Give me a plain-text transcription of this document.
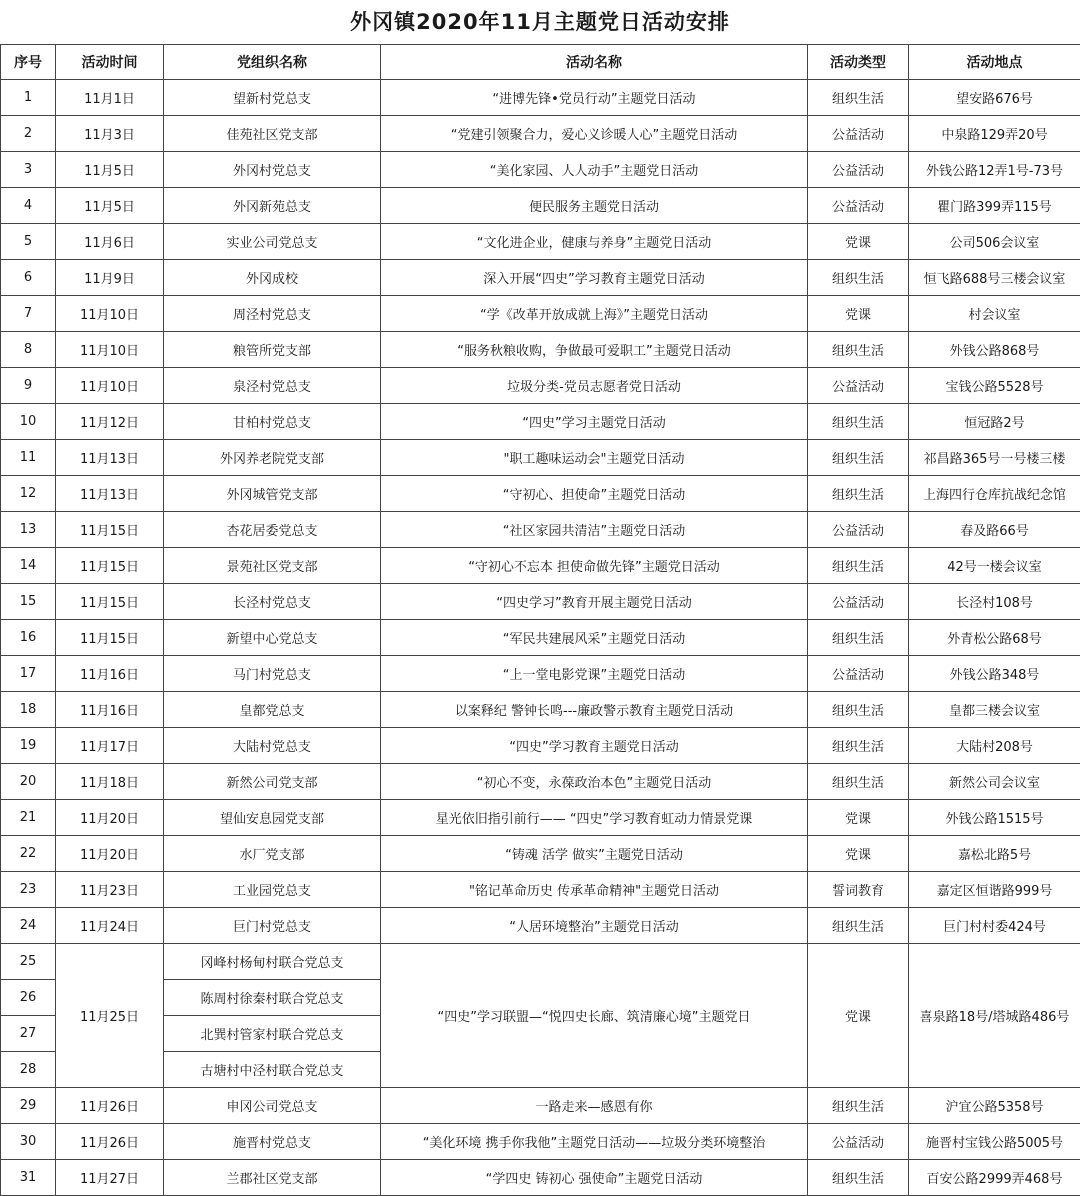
外冈镇2020年11月主题党日活动安排
序号	活动时间	党组织名称	活动名称	活动类型	活动地点
1	11月1日	望新村党总支	“进博先锋•党员行动”主题党日活动	组织生活	望安路676号
2	11月3日	佳苑社区党支部	“党建引领聚合力，爱心义诊暖人心”主题党日活动	公益活动	中泉路129弄20号
3	11月5日	外冈村党总支	“美化家园、人人动手”主题党日活动	公益活动	外钱公路12弄1号-73号
4	11月5日	外冈新苑总支	便民服务主题党日活动	公益活动	瞿门路399弄115号
5	11月6日	实业公司党总支	“文化进企业，健康与养身”主题党日活动	党课	公司506会议室
6	11月9日	外冈成校	深入开展“四史”学习教育主题党日活动	组织生活	恒飞路688号三楼会议室
7	11月10日	周泾村党总支	“学《改革开放成就上海》”主题党日活动	党课	村会议室
8	11月10日	粮管所党支部	“服务秋粮收购，争做最可爱职工”主题党日活动	组织生活	外钱公路868号
9	11月10日	泉泾村党总支	垃圾分类-党员志愿者党日活动	公益活动	宝钱公路5528号
10	11月12日	甘柏村党总支	“四史”学习主题党日活动	组织生活	恒冠路2号
11	11月13日	外冈养老院党支部	"职工趣味运动会"主题党日活动	组织生活	祁昌路365号一号楼三楼
12	11月13日	外冈城管党支部	“守初心、担使命”主题党日活动	组织生活	上海四行仓库抗战纪念馆
13	11月15日	杏花居委党总支	“社区家园共清洁”主题党日活动	公益活动	春及路66号
14	11月15日	景苑社区党支部	“守初心不忘本 担使命做先锋”主题党日活动	组织生活	42号一楼会议室
15	11月15日	长泾村党总支	“四史学习”教育开展主题党日活动	公益活动	长泾村108号
16	11月15日	新望中心党总支	“军民共建展风采”主题党日活动	组织生活	外青松公路68号
17	11月16日	马门村党总支	“上一堂电影党课”主题党日活动	公益活动	外钱公路348号
18	11月16日	皇都党总支	以案释纪 警钟长鸣---廉政警示教育主题党日活动	组织生活	皇都三楼会议室
19	11月17日	大陆村党总支	“四史”学习教育主题党日活动	组织生活	大陆村208号
20	11月18日	新然公司党支部	“初心不变，永葆政治本色”主题党日活动	组织生活	新然公司会议室
21	11月20日	望仙安息园党支部	星光依旧指引前行—— “四史”学习教育虹动力情景党课	党课	外钱公路1515号
22	11月20日	水厂党支部	“铸魂 活学 做实”主题党日活动	党课	嘉松北路5号
23	11月23日	工业园党总支	"铭记革命历史 传承革命精神"主题党日活动	誓词教育	嘉定区恒谐路999号
24	11月24日	巨门村党总支	“人居环境整治”主题党日活动	组织生活	巨门村村委424号
25	11月25日	冈峰村杨甸村联合党总支	“四史”学习联盟—“悦四史长廊、筑清廉心境”主题党日	党课	喜泉路18号/塔城路486号
26		陈周村徐秦村联合党总支			
27		北巽村管家村联合党总支			
28		古塘村中泾村联合党总支			
29	11月26日	申冈公司党总支	一路走来—感恩有你	组织生活	沪宜公路5358号
30	11月26日	施晋村党总支	“美化环境 携手你我他”主题党日活动——垃圾分类环境整治	公益活动	施晋村宝钱公路5005号
31	11月27日	兰郡社区党支部	“学四史 铸初心 强使命”主题党日活动	组织生活	百安公路2999弄468号
